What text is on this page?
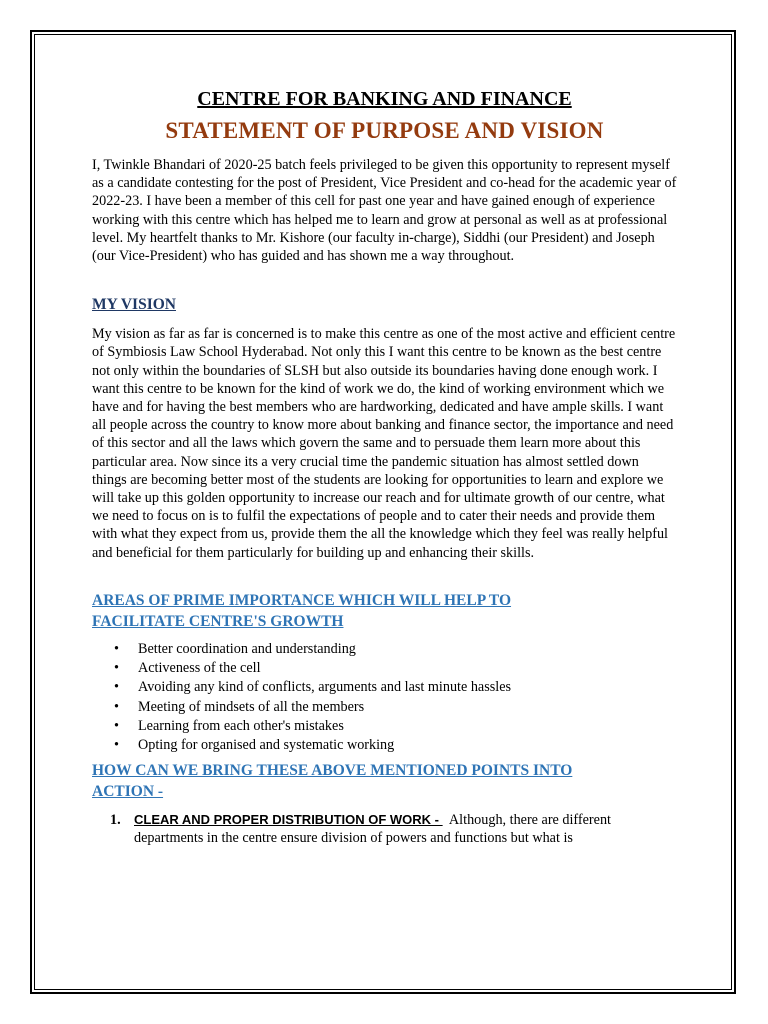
CENTRE FOR BANKING AND FINANCE
STATEMENT OF PURPOSE AND VISION

I, Twinkle Bhandari of 2020-25 batch feels privileged to be given this opportunity to represent myself as a candidate contesting for the post of President, Vice President and co-head for the academic year of 2022-23. I have been a member of this cell for past one year and have gained enough of experience working with this centre which has helped me to learn and grow at personal as well as at professional level. My heartfelt thanks to Mr. Kishore (our faculty in-charge), Siddhi (our President) and Joseph (our Vice-President) who has guided and has shown me a way throughout.

MY VISION

My vision as far as far is concerned is to make this centre as one of the most active and efficient centre of Symbiosis Law School Hyderabad. Not only this I want this centre to be known as the best centre not only within the boundaries of SLSH but also outside its boundaries having done enough work. I want this centre to be known for the kind of work we do, the kind of working environment which we have and for having the best members who are hardworking, dedicated and have ample skills. I want all people across the country to know more about banking and finance sector, the importance and need of this sector and all the laws which govern the same and to persuade them learn more about this particular area. Now since its a very crucial time the pandemic situation has almost settled down things are becoming better most of the students are looking for opportunities to learn and explore we will take up this golden opportunity to increase our reach and for ultimate growth of our centre, what we need to focus on is to fulfil the expectations of people and to cater their needs and provide them with what they expect from us, provide them the all the knowledge which they feel was really helpful and beneficial for them particularly for building up and enhancing their skills.

AREAS OF PRIME IMPORTANCE WHICH WILL HELP TO
FACILITATE CENTRE'S GROWTH
• Better coordination and understanding
• Activeness of the cell
• Avoiding any kind of conflicts, arguments and last minute hassles
• Meeting of mindsets of all the members
• Learning from each other's mistakes
• Opting for organised and systematic working
HOW CAN WE BRING THESE ABOVE MENTIONED POINTS INTO
ACTION -
1. CLEAR AND PROPER DISTRIBUTION OF WORK -   Although, there are different departments in the centre ensure division of powers and functions but what is
